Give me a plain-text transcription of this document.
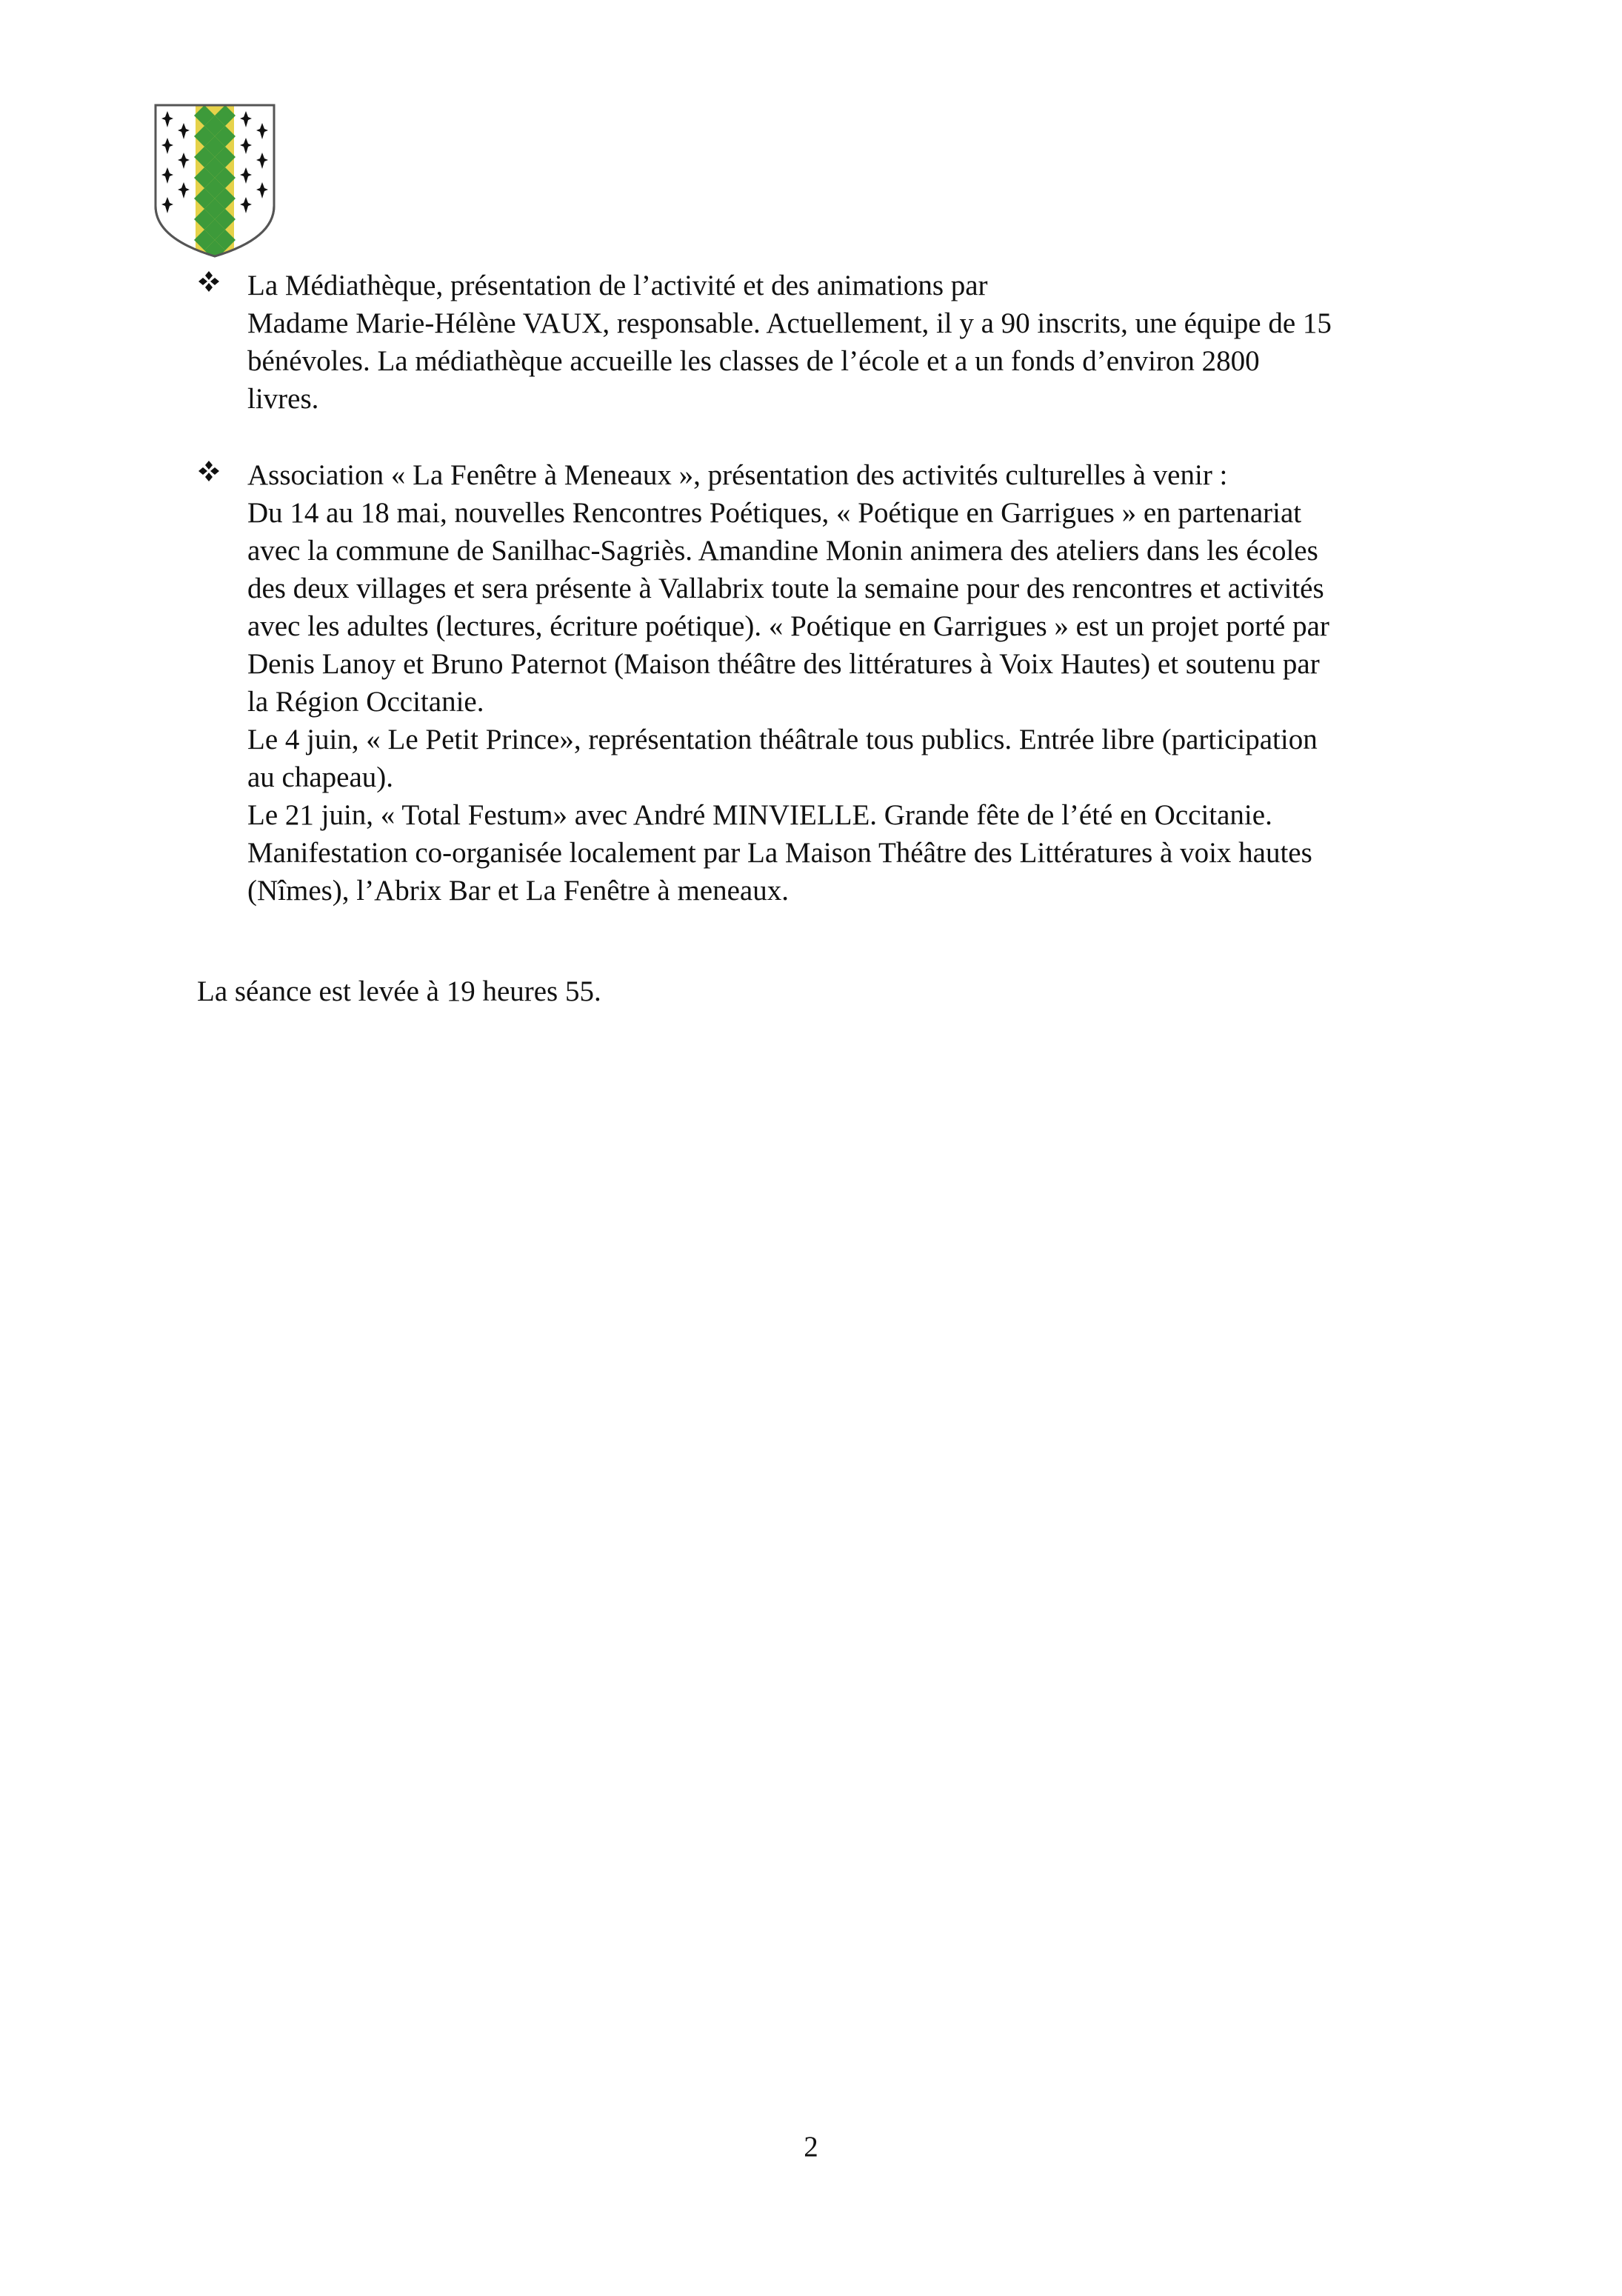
La Médiathèque, présentation de l’activité et des animations par
Madame Marie-Hélène VAUX, responsable. Actuellement, il y a 90 inscrits, une équipe de 15
bénévoles. La médiathèque accueille les classes de l’école et a un fonds d’environ 2800
livres.
Association « La Fenêtre à Meneaux », présentation des activités culturelles à venir :
Du 14 au 18 mai, nouvelles Rencontres Poétiques, « Poétique en Garrigues » en partenariat
avec la commune de Sanilhac-Sagriès. Amandine Monin animera des ateliers dans les écoles
des deux villages et sera présente à Vallabrix toute la semaine pour des rencontres et activités
avec les adultes (lectures, écriture poétique). « Poétique en Garrigues » est un projet porté par
Denis Lanoy et Bruno Paternot (Maison théâtre des littératures à Voix Hautes) et soutenu par
la Région Occitanie.
Le 4 juin, « Le Petit Prince», représentation théâtrale tous publics. Entrée libre (participation
au chapeau).
Le 21 juin, « Total Festum» avec André MINVIELLE. Grande fête de l’été en Occitanie.
Manifestation co-organisée localement par La Maison Théâtre des Littératures à voix hautes
(Nîmes), l’Abrix Bar et La Fenêtre à meneaux.
La séance est levée à 19 heures 55.
2
